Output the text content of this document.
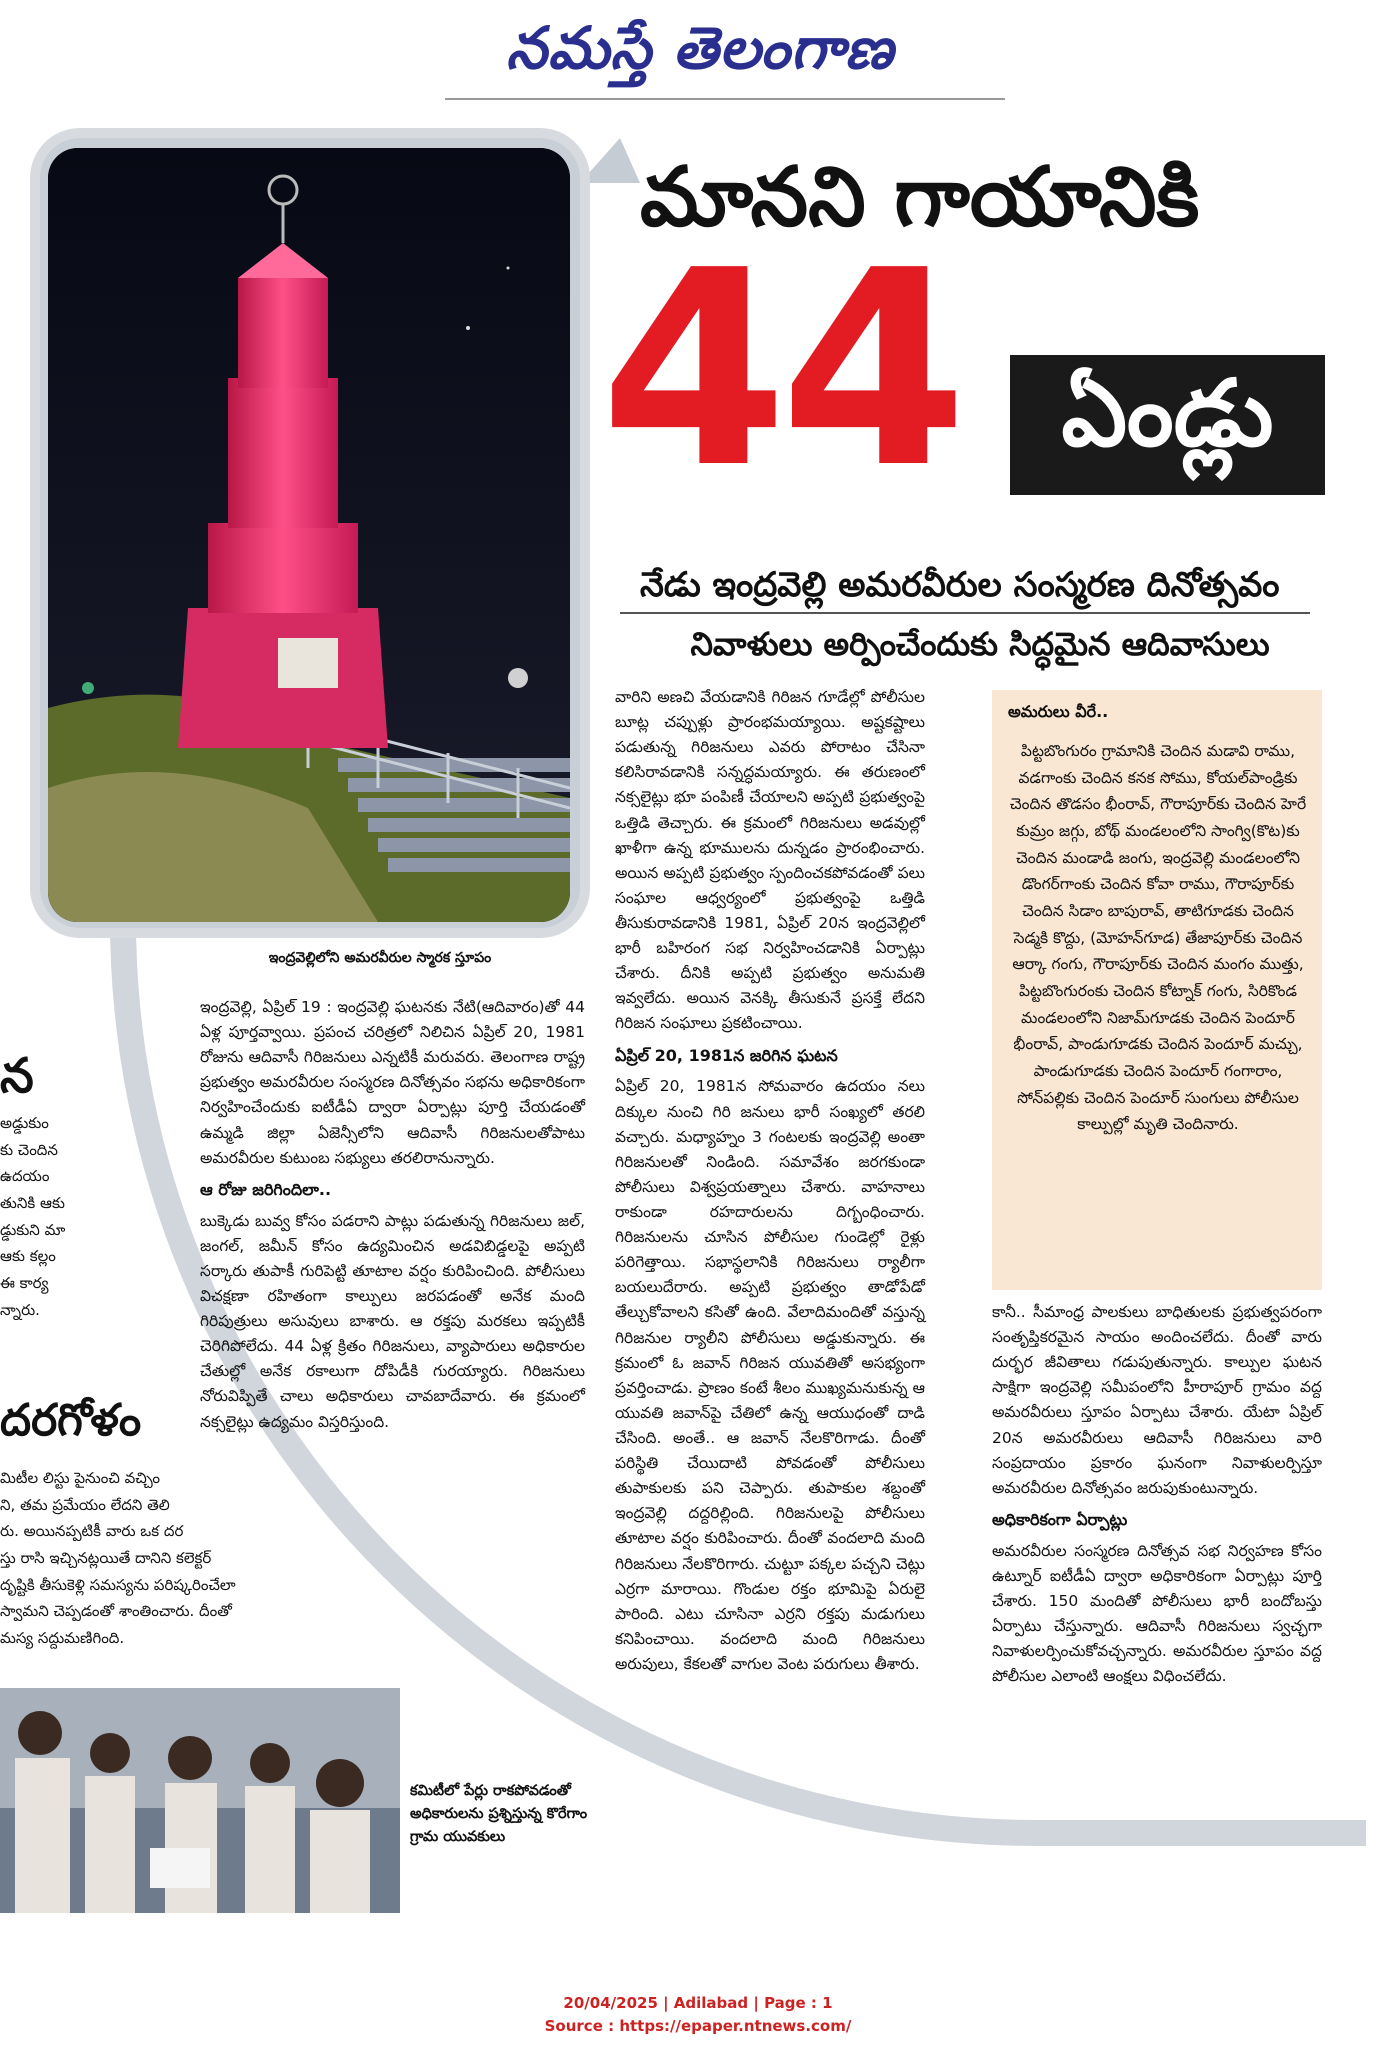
నమస్తే తెలంగాణ
ఇంద్రవెల్లిలోని అమరవీరుల స్మారక స్తూపం
మానని గాయానికి
44	ఏండ్లు
నేడు ఇంద్రవెల్లి అమరవీరుల సంస్మరణ దినోత్సవం
నివాళులు అర్పించేందుకు సిద్ధమైన ఆదివాసులు

వారిని అణచి వేయడానికి గిరిజన గూడేల్లో పోలీసుల బూట్ల చప్పుళ్లు ప్రారంభమయ్యాయి. అష్టకష్టాలు పడుతున్న గిరిజనులు ఎవరు పోరాటం చేసినా కలిసిరావడానికి సన్నద్ధమయ్యారు. ఈ తరుణంలో నక్సలైట్లు భూ పంపిణీ చేయాలని అప్పటి ప్రభుత్వంపై ఒత్తిడి తెచ్చారు. ఈ క్రమంలో గిరిజనులు అడవుల్లో ఖాళీగా ఉన్న భూములను దున్నడం ప్రారంభించారు. అయిన అప్పటి ప్రభుత్వం స్పందించకపోవడంతో పలు సంఘాల ఆధ్వర్యంలో ప్రభుత్వంపై ఒత్తిడి తీసుకురావడానికి 1981, ఏప్రిల్ 20న ఇంద్రవెల్లిలో భారీ బహిరంగ సభ నిర్వహించడానికి ఏర్పాట్లు చేశారు. దీనికి అప్పటి ప్రభుత్వం అనుమతి ఇవ్వలేదు. అయిన వెనక్కి తీసుకునే ప్రసక్తే లేదని గిరిజన సంఘాలు ప్రకటించాయి.

ఏప్రిల్ 20, 1981న జరిగిన ఘటన

ఏప్రిల్ 20, 1981న సోమవారం ఉదయం నలు దిక్కుల నుంచి గిరి జనులు భారీ సంఖ్యలో తరలి వచ్చారు. మధ్యాహ్నం 3 గంటలకు ఇంద్రవెల్లి అంతా గిరిజనులతో నిండింది. సమావేశం జరగకుండా పోలీసులు విశ్వప్రయత్నాలు చేశారు. వాహనాలు రాకుండా రహదారులను దిగ్బంధించారు. గిరిజనులను చూసిన పోలీసుల గుండెల్లో రైళ్లు పరిగెత్తాయి. సభాస్థలానికి గిరిజనులు ర్యాలీగా బయలుదేరారు. అప్పటి ప్రభుత్వం తాడోపేడో తేల్చుకోవాలని కసితో ఉంది. వేలాదిమందితో వస్తున్న గిరిజనుల ర్యాలీని పోలీసులు అడ్డుకున్నారు. ఈ క్రమంలో ఓ జవాన్ గిరిజన యువతితో అసభ్యంగా ప్రవర్తించాడు. ప్రాణం కంటే శీలం ముఖ్యమనుకున్న ఆ యువతి జవాన్‌పై చేతిలో ఉన్న ఆయుధంతో దాడి చేసింది. అంతే.. ఆ జవాన్ నేలకొరిగాడు. దీంతో పరిస్థితి చేయిదాటి పోవడంతో పోలీసులు తుపాకులకు పని చెప్పారు. తుపాకుల శబ్దంతో ఇంద్రవెల్లి దద్దరిల్లింది. గిరిజనులపై పోలీసులు తూటాల వర్షం కురిపించారు. దీంతో వందలాది మంది గిరిజనులు నేలకొరిగారు. చుట్టూ పక్కల పచ్చని చెట్లు ఎర్రగా మారాయి. గొండుల రక్తం భూమిపై ఏరులై పారింది. ఎటు చూసినా ఎర్రని రక్తపు మడుగులు కనిపించాయి. వందలాది మంది గిరిజనులు అరుపులు, కేకలతో వాగుల వెంట పరుగులు తీశారు.

ఇంద్రవెల్లి, ఏప్రిల్ 19 : ఇంద్రవెల్లి ఘటనకు నేటి(ఆదివారం)తో 44 ఏళ్ల పూర్తవ్వాయి. ప్రపంచ చరిత్రలో నిలిచిన ఏప్రిల్ 20, 1981 రోజును ఆదివాసీ గిరిజనులు ఎన్నటికీ మరువరు. తెలంగాణ రాష్ట్ర ప్రభుత్వం అమరవీరుల సంస్మరణ దినోత్సవం సభను అధికారికంగా నిర్వహించేందుకు ఐటీడీఏ ద్వారా ఏర్పాట్లు పూర్తి చేయడంతో ఉమ్మడి జిల్లా ఏజెన్సీలోని ఆదివాసీ గిరిజనులతోపాటు అమరవీరుల కుటుంబ సభ్యులు తరలిరానున్నారు.

ఆ రోజు జరిగిందిలా..

బుక్కెడు బువ్వ కోసం పడరాని పాట్లు పడుతున్న గిరిజనులు జల్, జంగల్, జమీన్ కోసం ఉద్యమించిన అడవిబిడ్డలపై అప్పటి సర్కారు తుపాకీ గురిపెట్టి తూటాల వర్షం కురిపించింది. పోలీసులు విచక్షణా రహితంగా కాల్పులు జరపడంతో అనేక మంది గిరిపుత్రులు అసువులు బాశారు. ఆ రక్తపు మరకలు ఇప్పటికీ చెరిగిపోలేదు. 44 ఏళ్ల క్రితం గిరిజనులు, వ్యాపారులు అధికారుల చేతుల్లో అనేక రకాలుగా దోపిడీకి గురయ్యారు. గిరిజనులు నోరువిప్పితే చాలు అధికారులు చావబాదేవారు. ఈ క్రమంలో నక్సలైట్లు ఉద్యమం విస్తరిస్తుంది.

అమరులు వీరే..
పిట్టబొంగురం గ్రామానికి చెందిన మడావి రాము, వడగాంకు చెందిన కనక సోము, కోయల్‌పాండ్రికు చెందిన తొడసం భీంరావ్, గౌరాపూర్‌కు చెందిన హెరే కుమ్రం జగ్గు, బోథ్ మండలంలోని సాంగ్వి(కొట)కు చెందిన మండాడి జంగు, ఇంద్రవెల్లి మండలంలోని డొంగర్‌గాంకు చెందిన కోవా రాము, గౌరాపూర్‌కు చెందిన సిడాం బాపురావ్, తాటిగూడకు చెందిన సెడ్మకి కొద్దు, (మోహన్‌గూడ) తేజాపూర్‌కు చెందిన ఆర్కా గంగు, గౌరాపూర్‌కు చెందిన మంగం ముత్తు, పిట్టబొంగురంకు చెందిన కోట్నాక్ గంగు, సిరికొండ మండలంలోని నిజామ్‌గూడకు చెందిన పెందూర్ భీంరావ్, పాండుగూడకు చెందిన పెందూర్ మచ్చు, పాండుగూడకు చెందిన పెందూర్ గంగారాం, సోన్‌పల్లికు చెందిన పెందూర్ సుంగులు పోలీసుల కాల్పుల్లో మృతి చెందినారు.

కానీ.. సీమాంధ్ర పాలకులు బాధితులకు ప్రభుత్వపరంగా సంతృప్తికరమైన సాయం అందించలేదు. దీంతో వారు దుర్భర జీవితాలు గడుపుతున్నారు. కాల్పుల ఘటన సాక్షిగా ఇంద్రవెల్లి సమీపంలోని హీరాపూర్ గ్రామం వద్ద అమరవీరులు స్తూపం ఏర్పాటు చేశారు. యేటా ఏప్రిల్ 20న అమరవీరులు ఆదివాసీ గిరిజనులు వారి సంప్రదాయం ప్రకారం ఘనంగా నివాళులర్పిస్తూ అమరవీరుల దినోత్సవం జరుపుకుంటున్నారు.

అధికారికంగా ఏర్పాట్లు

అమరవీరుల సంస్మరణ దినోత్సవ సభ నిర్వహణ కోసం ఉట్నూర్ ఐటీడీఏ ద్వారా అధికారికంగా ఏర్పాట్లు పూర్తి చేశారు. 150 మందితో పోలీసులు భారీ బందోబస్తు ఏర్పాటు చేస్తున్నారు. ఆదివాసీ గిరిజనులు స్వచ్ఛగా నివాళులర్పించుకోవచ్చన్నారు. అమరవీరుల స్తూపం వద్ద పోలీసుల ఎలాంటి ఆంక్షలు విధించలేదు.

న
అడ్డుకుం
కు చెందిన
ఉదయం
తునికి ఆకు
డ్డుకుని మా
ఆకు కల్లం
ఈ కార్య
న్నారు.
దరగోళం
మిటీల లిస్టు పైనుంచి వచ్చిం
ని, తమ ప్రమేయం లేదని తెలి
రు. అయినప్పటికీ వారు ఒక దర
స్తు రాసి ఇచ్చినట్లయితే దానిని కలెక్టర్
దృష్టికి తీసుకెళ్లి సమస్యను పరిష్కరించేలా
స్వామని చెప్పడంతో శాంతించారు. దీంతో
మస్య సద్దుమణిగింది.
కమిటీలో పేర్లు రాకపోవడంతో అధికారులను ప్రశ్నిస్తున్న కొరేగాం గ్రామ యువకులు
20/04/2025 | Adilabad | Page : 1
Source : https://epaper.ntnews.com/
